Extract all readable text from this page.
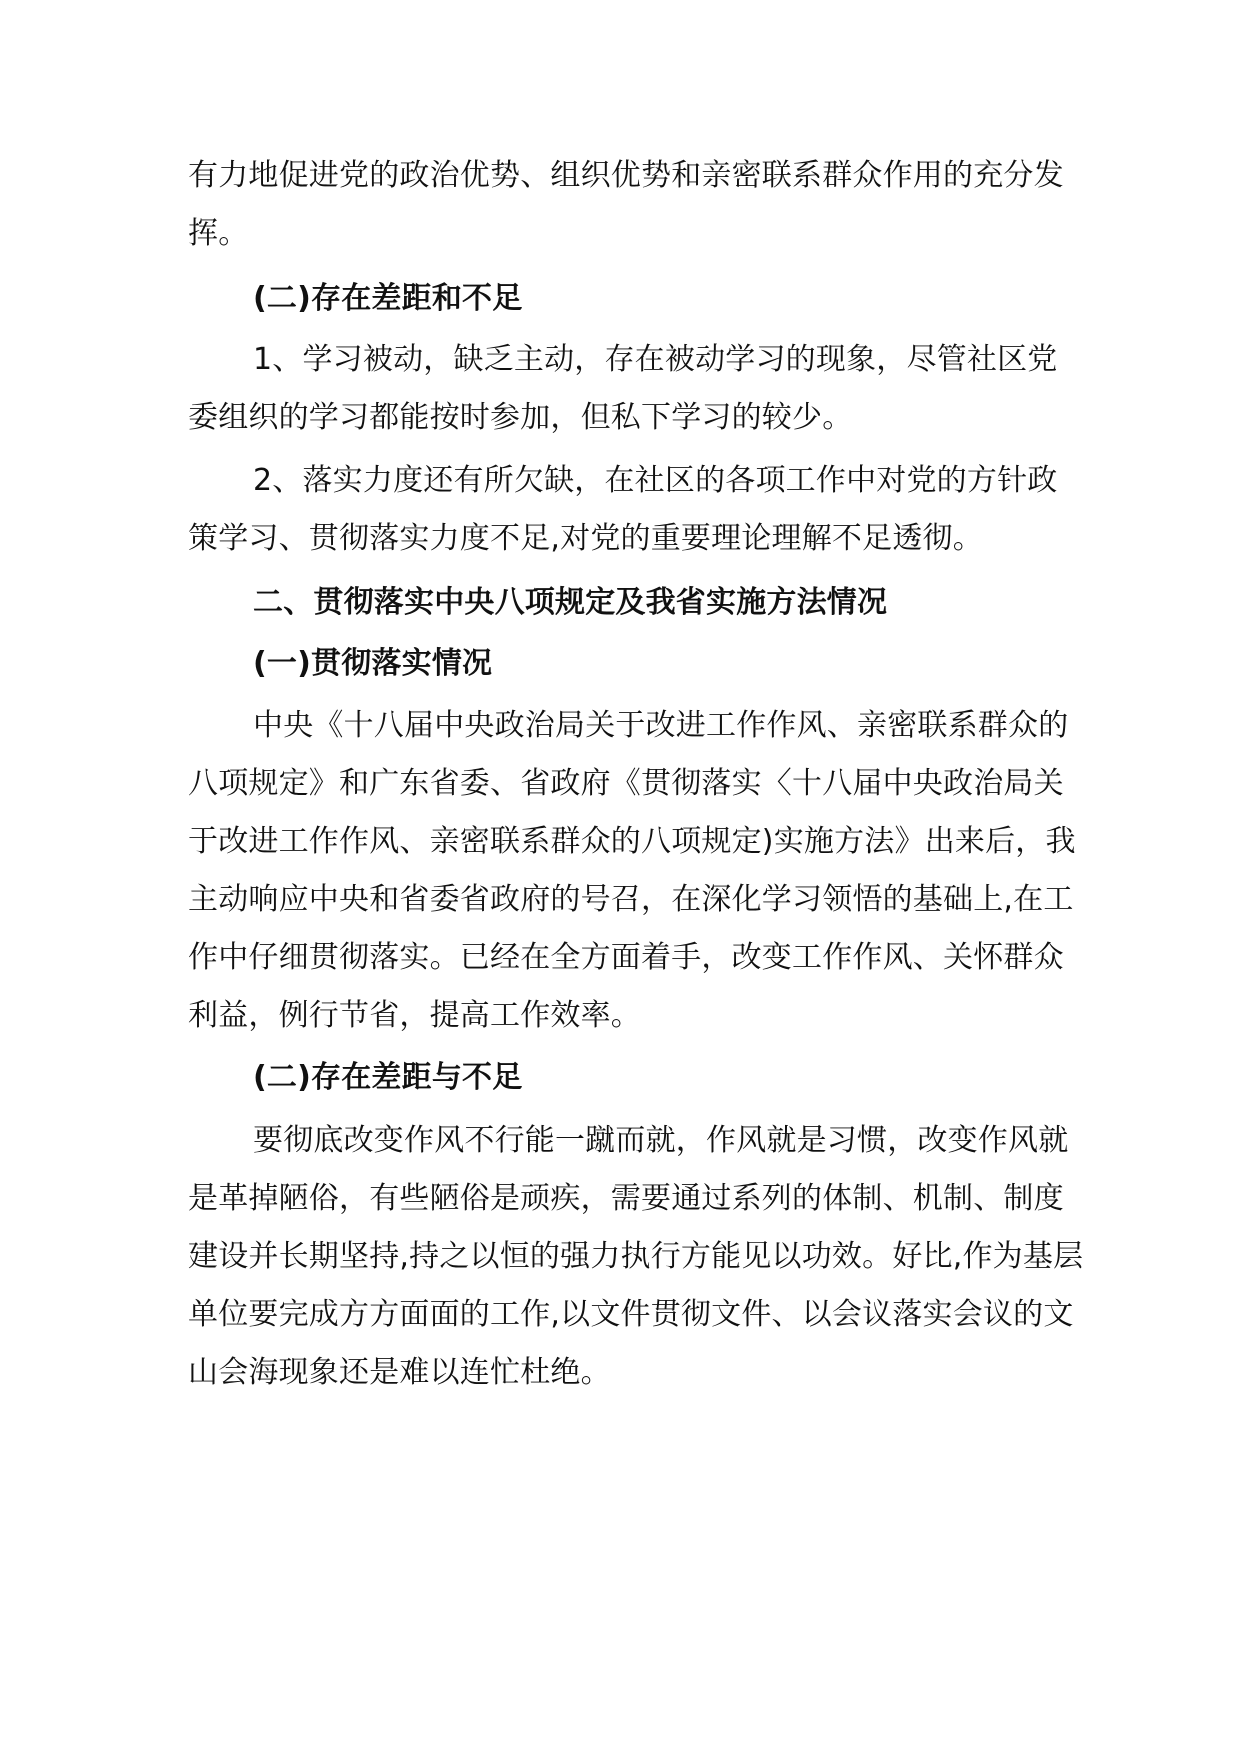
有力地促进党的政治优势、组织优势和亲密联系群众作用的充分发
挥。
(二)存在差距和不足
1、学习被动，缺乏主动，存在被动学习的现象，尽管社区党
委组织的学习都能按时参加，但私下学习的较少。
2、落实力度还有所欠缺，在社区的各项工作中对党的方针政
策学习、贯彻落实力度不足,对党的重要理论理解不足透彻。
二、贯彻落实中央八项规定及我省实施方法情况
(一)贯彻落实情况
中央《十八届中央政治局关于改进工作作风、亲密联系群众的
八项规定》和广东省委、省政府《贯彻落实〈十八届中央政治局关
于改进工作作风、亲密联系群众的八项规定)实施方法》出来后，我
主动响应中央和省委省政府的号召，在深化学习领悟的基础上,在工
作中仔细贯彻落实。已经在全方面着手，改变工作作风、关怀群众
利益，例行节省，提高工作效率。
(二)存在差距与不足
要彻底改变作风不行能一蹴而就，作风就是习惯，改变作风就
是革掉陋俗，有些陋俗是顽疾，需要通过系列的体制、机制、制度
建设并长期坚持,持之以恒的强力执行方能见以功效。好比,作为基层
单位要完成方方面面的工作,以文件贯彻文件、以会议落实会议的文
山会海现象还是难以连忙杜绝。
